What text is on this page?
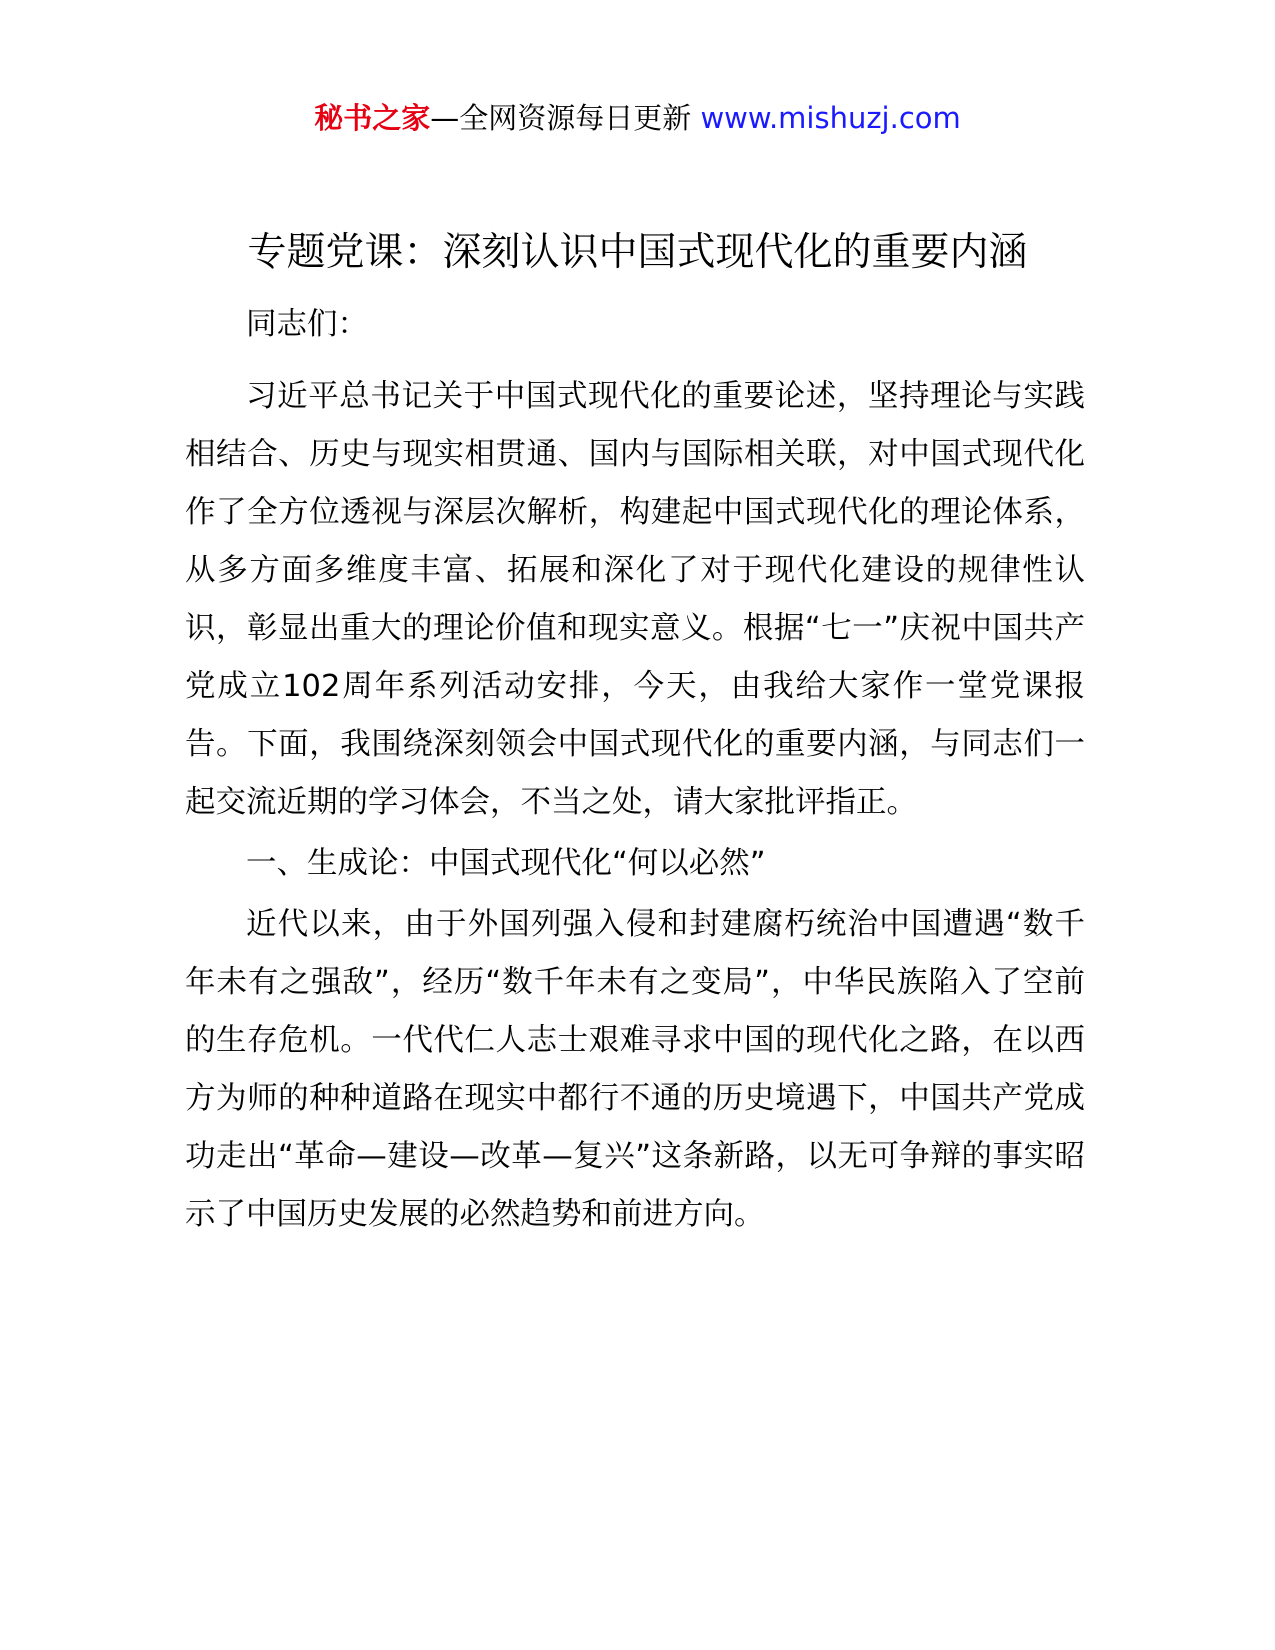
秘书之家—全网资源每日更新 www.mishuzj.com
专题党课：深刻认识中国式现代化的重要内涵

同志们：

习近平总书记关于中国式现代化的重要论述，坚持理论与实践相结合、历史与现实相贯通、国内与国际相关联，对中国式现代化作了全方位透视与深层次解析，构建起中国式现代化的理论体系，从多方面多维度丰富、拓展和深化了对于现代化建设的规律性认识，彰显出重大的理论价值和现实意义。根据“七一”庆祝中国共产党成立102周年系列活动安排，今天，由我给大家作一堂党课报告。下面，我围绕深刻领会中国式现代化的重要内涵，与同志们一起交流近期的学习体会，不当之处，请大家批评指正。

一、生成论：中国式现代化“何以必然”

近代以来，由于外国列强入侵和封建腐朽统治中国遭遇“数千年未有之强敌”，经历“数千年未有之变局”，中华民族陷入了空前的生存危机。一代代仁人志士艰难寻求中国的现代化之路，在以西方为师的种种道路在现实中都行不通的历史境遇下，中国共产党成功走出“革命—建设—改革—复兴”这条新路，以无可争辩的事实昭示了中国历史发展的必然趋势和前进方向。
